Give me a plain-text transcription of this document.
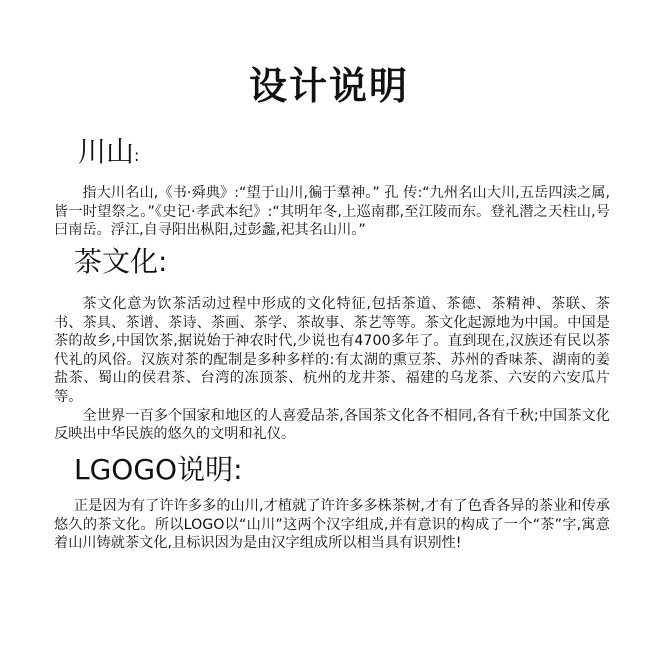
设计说明
川山:

指大川名山,《书·舜典》:“望于山川,徧于羣神。” 孔 传:“九州名山大川,五岳四渎之属,皆一时望祭之。”《史记·孝武本纪》:“其明年冬,上巡南郡,至江陵而东。登礼潜之天柱山,号曰南岳。浮江,自寻阳出枞阳,过彭蠡,祀其名山川。”

茶文化:

茶文化意为饮茶活动过程中形成的文化特征,包括茶道、茶德、茶精神、茶联、茶书、茶具、茶谱、茶诗、茶画、茶学、茶故事、茶艺等等。茶文化起源地为中国。中国是茶的故乡,中国饮茶,据说始于神农时代,少说也有4700多年了。直到现在,汉族还有民以茶代礼的风俗。汉族对茶的配制是多种多样的:有太湖的熏豆茶、苏州的香味茶、湖南的姜盐茶、蜀山的侯君茶、台湾的冻顶茶、杭州的龙井茶、福建的乌龙茶、六安的六安瓜片等。

全世界一百多个国家和地区的人喜爱品茶,各国茶文化各不相同,各有千秋;中国茶文化反映出中华民族的悠久的文明和礼仪。

LGOGO说明:

正是因为有了许许多多的山川,才植就了许许多多株茶树,才有了色香各异的茶业和传承悠久的茶文化。所以LOGO以“山川”这两个汉字组成,并有意识的构成了一个“茶”字,寓意着山川铸就茶文化,且标识因为是由汉字组成所以相当具有识别性!
